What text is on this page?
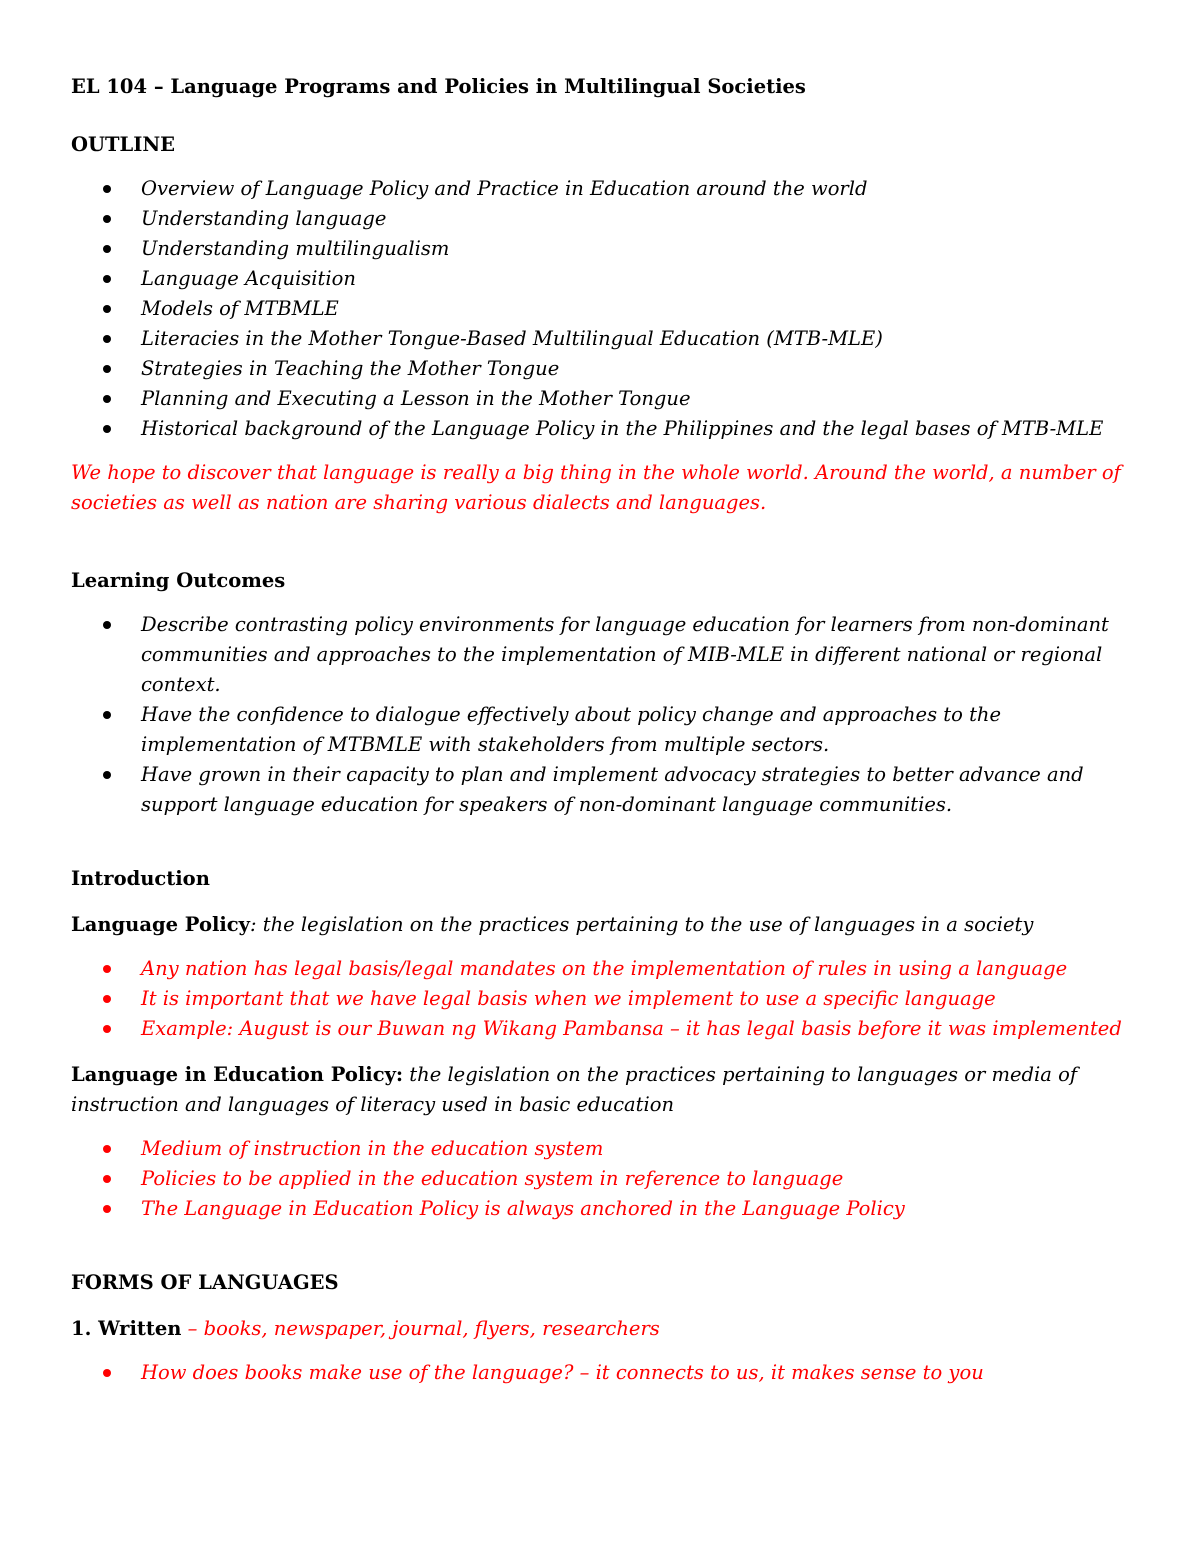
EL 104 – Language Programs and Policies in Multilingual Societies

OUTLINE

Overview of Language Policy and Practice in Education around the world
Understanding language
Understanding multilingualism
Language Acquisition
Models of MTBMLE
Literacies in the Mother Tongue-Based Multilingual Education (MTB-MLE)
Strategies in Teaching the Mother Tongue
Planning and Executing a Lesson in the Mother Tongue
Historical background of the Language Policy in the Philippines and the legal bases of MTB-MLE

We hope to discover that language is really a big thing in the whole world. Around the world, a number of societies as well as nation are sharing various dialects and languages.

Learning Outcomes

Describe contrasting policy environments for language education for learners from non-dominant communities and approaches to the implementation of MIB-MLE in different national or regional context.
Have the confidence to dialogue effectively about policy change and approaches to the implementation of MTBMLE with stakeholders from multiple sectors.
Have grown in their capacity to plan and implement advocacy strategies to better advance and support language education for speakers of non-dominant language communities.

Introduction

Language Policy: the legislation on the practices pertaining to the use of languages in a society

Any nation has legal basis/legal mandates on the implementation of rules in using a language
It is important that we have legal basis when we implement to use a specific language
Example: August is our Buwan ng Wikang Pambansa – it has legal basis before it was implemented

Language in Education Policy: the legislation on the practices pertaining to languages or media of instruction and languages of literacy used in basic education

Medium of instruction in the education system
Policies to be applied in the education system in reference to language
The Language in Education Policy is always anchored in the Language Policy

FORMS OF LANGUAGES

1. Written – books, newspaper, journal, flyers, researchers

How does books make use of the language? – it connects to us, it makes sense to you
